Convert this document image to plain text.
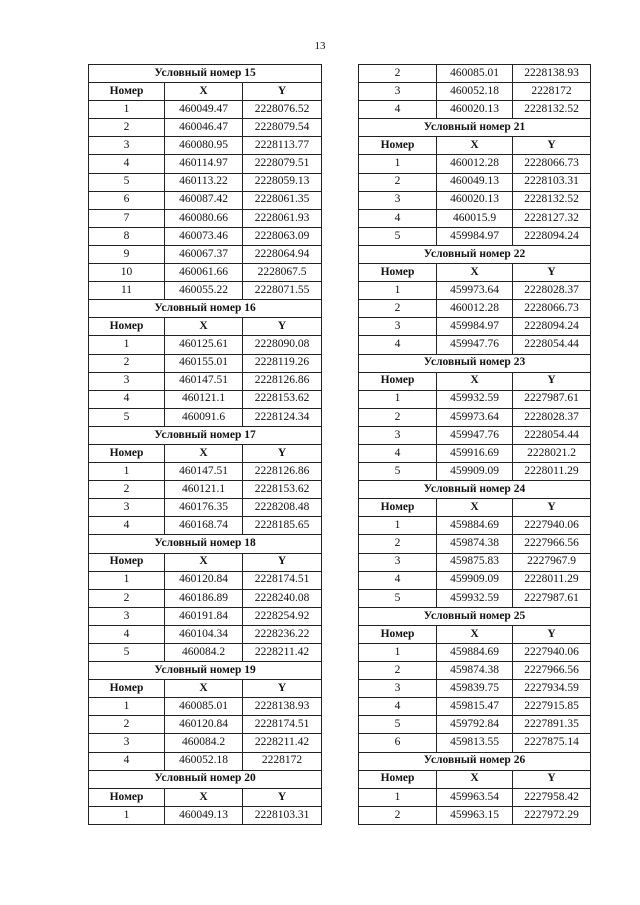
13
Условный номер 15		
Номер	X	Y
1	460049.47	2228076.52
2	460046.47	2228079.54
3	460080.95	2228113.77
4	460114.97	2228079.51
5	460113.22	2228059.13
6	460087.42	2228061.35
7	460080.66	2228061.93
8	460073.46	2228063.09
9	460067.37	2228064.94
10	460061.66	2228067.5
11	460055.22	2228071.55
Условный номер 16		
Номер	X	Y
1	460125.61	2228090.08
2	460155.01	2228119.26
3	460147.51	2228126.86
4	460121.1	2228153.62
5	460091.6	2228124.34
Условный номер 17		
Номер	X	Y
1	460147.51	2228126.86
2	460121.1	2228153.62
3	460176.35	2228208.48
4	460168.74	2228185.65
Условный номер 18		
Номер	X	Y
1	460120.84	2228174.51
2	460186.89	2228240.08
3	460191.84	2228254.92
4	460104.34	2228236.22
5	460084.2	2228211.42
Условный номер 19		
Номер	X	Y
1	460085.01	2228138.93
2	460120.84	2228174.51
3	460084.2	2228211.42
4	460052.18	2228172
Условный номер 20		
Номер	X	Y
1	460049.13	2228103.31
2	460085.01	2228138.93
3	460052.18	2228172
4	460020.13	2228132.52
Условный номер 21		
Номер	X	Y
1	460012.28	2228066.73
2	460049.13	2228103.31
3	460020.13	2228132.52
4	460015.9	2228127.32
5	459984.97	2228094.24
Условный номер 22		
Номер	X	Y
1	459973.64	2228028.37
2	460012.28	2228066.73
3	459984.97	2228094.24
4	459947.76	2228054.44
Условный номер 23		
Номер	X	Y
1	459932.59	2227987.61
2	459973.64	2228028.37
3	459947.76	2228054.44
4	459916.69	2228021.2
5	459909.09	2228011.29
Условный номер 24		
Номер	X	Y
1	459884.69	2227940.06
2	459874.38	2227966.56
3	459875.83	2227967.9
4	459909.09	2228011.29
5	459932.59	2227987.61
Условный номер 25		
Номер	X	Y
1	459884.69	2227940.06
2	459874.38	2227966.56
3	459839.75	2227934.59
4	459815.47	2227915.85
5	459792.84	2227891.35
6	459813.55	2227875.14
Условный номер 26		
Номер	X	Y
1	459963.54	2227958.42
2	459963.15	2227972.29
